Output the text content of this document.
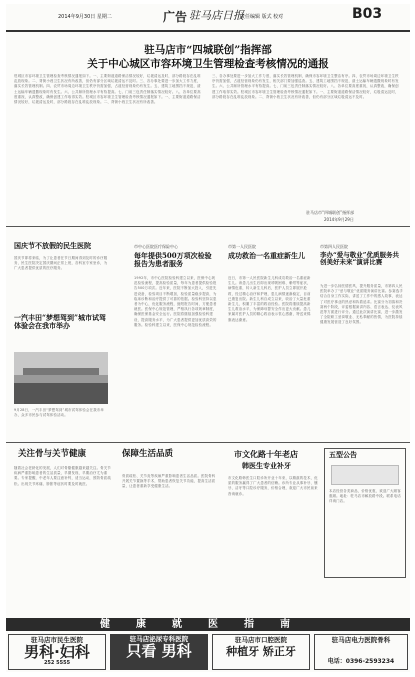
2014年9月30日 星期二	广告 驻马店日报
责任编辑 版式 校对	B03
驻马店市“四城联创”指挥部
关于中心城区市容环境卫生管理检查考核情况的通报
驻城区市容环境卫生管理检查考核情况通报如下。一、主要街道道路保洁情况较好，垃圾清运及时，部分路段存在乱堆乱放现象。二、背街小巷卫生状况有所改善，但仍有部分区域垃圾清运不及时。三、各办事处要进一步加大工作力度，落实长效管理机制。四、农贸市场周边环境卫生秩序仍需加强，占道经营现象仍有发生。五、建筑工地围挡不规范，渣土运输车辆遗撒现象时有发生。六、公共厕所管理水平有待提高。七、门前三包责任制落实情况较好。八、各单位要高度重视，认真整改，确保创建工作取得实效。驻城区市容环境卫生管理检查考核情况通报如下。一、主要街道道路保洁情况较好，垃圾清运及时，部分路段存在乱堆乱放现象。二、背街小巷卫生状况有所改善。
三、各办事处要进一步加大工作力度，落实长效管理机制，确保市容环境卫生整洁有序。四、农贸市场周边环境卫生秩序仍需加强，占道经营现象仍有发生，相关部门要加强巡查。五、建筑工地围挡不规范，渣土运输车辆遗撒现象时有发生。六、公共厕所管理水平有待提高。七、门前三包责任制落实情况较好。八、各单位要高度重视，认真整改，确保创建工作取得实效。驻城区市容环境卫生管理检查考核情况通报如下。一、主要街道道路保洁情况较好，垃圾清运及时，部分路段存在乱堆乱放现象。二、背街小巷卫生状况有所改善，但仍有部分区域垃圾清运不及时。
驻马店市“四城联创”指挥部
2014年9月29日
国庆节不放假的民生医院
国庆节即将来临，为了让患者在节日期间得到及时的诊疗服务，民生医院决定国庆期间正常上班，各科室专家坐诊，为广大患者提供优质的医疗服务。
一汽丰田“梦想驾到”城市试驾体验会在我市举办
9月28日，一汽丰田“梦想驾到”城市试驾体验会在我市举办，众多市民参与试驾体验活动。
市中心医院医疗保险中心
每年提供500万项次检验报告为患者服务
1992年，市中心医院检验科建立以来，医保中心规范检验流程，提高检验质量，每年为患者提供检验报告500万项次。近年来，医院不断加大投入，引进先进设备，检验项目不断增加，检验质量稳步提高，为临床诊断和治疗提供了可靠的依据。检验科坚持以患者为中心，优化服务流程，缩短报告时间，方便患者就医。医保中心规范管理，严格执行各项规章制度，确保医保基金安全运行。医院将继续加强检验科建设，提高服务水平，为广大患者提供更加优质高效的服务。检验科建立以来，医保中心规范检验流程。
市第一人民医院
成功救治一名重症新生儿
近日，市第一人民医院新生儿科成功救治一名重症新生儿。该患儿出生后即出现呼吸困难、紫绀等症状，病情危重，转入新生儿科后，医护人员立即展开抢救，经过精心治疗和护理，患儿病情逐渐稳定，目前已康复出院。新生儿科自成立以来，收治了大量危重新生儿，积累了丰富的救治经验。医院将继续提高新生儿救治水平，为保障母婴安全作出更大贡献。患儿家属对医护人员的精心救治表示衷心感谢，特送来锦旗表达谢意。
市第四人民医院
李办“爱与敬业”优质服务共创美好未来“演讲比赛
为进一步弘扬医德医风，提升服务质量，市第四人民医院举办了“爱与敬业”优质服务演讲比赛。参赛选手结合自身工作实际，讲述了工作中的感人故事，表达了对医疗事业的热爱和执着追求。比赛分为初赛和决赛两个阶段，评委根据演讲内容、语言表达、仪表风范等方面进行评分。通过此次演讲比赛，进一步激发了全院职工爱岗敬业、无私奉献的热情，为医院持续健康发展营造了良好氛围。
关注骨与关节健康
随着社会老龄化的发展，人们对骨骼健康越来越关注。骨关节疾病严重影响患者的生活质量，早期发现、早期治疗尤为重要。专家提醒，中老年人要注意补钙，适当运动，预防骨质疏松。出现关节疼痛、肿胀等症状时要及时就医。
保障生活品质
骨质疏松、关节炎等疾病严重影响患者生活品质。医院骨科开展关节置换等手术，帮助患者恢复关节功能，提高生活质量，让患者重新享受健康生活。
市文化路十年老店
韩医生专业补牙
市文化路韩医生口腔诊所开业十年来，以精湛的技术、优质的服务赢得了广大患者的信赖。诊所专业从事补牙、镶牙、洁牙等口腔诊疗服务，价格合理，欢迎广大市民前来咨询就诊。
五型公告
本店经营各类商品，价格优惠，欢迎广大顾客惠顾。地址：驻马店市解放路中段。联系电话详询门店。
健康就医指南
驻马店市民生医院
男科·妇科
252 5555
驻马店泌尿专科医院
只看 男科
驻马店市口腔医院
种植牙 矫正牙
驻马店电力医院骨科
电话：0396-2593234
